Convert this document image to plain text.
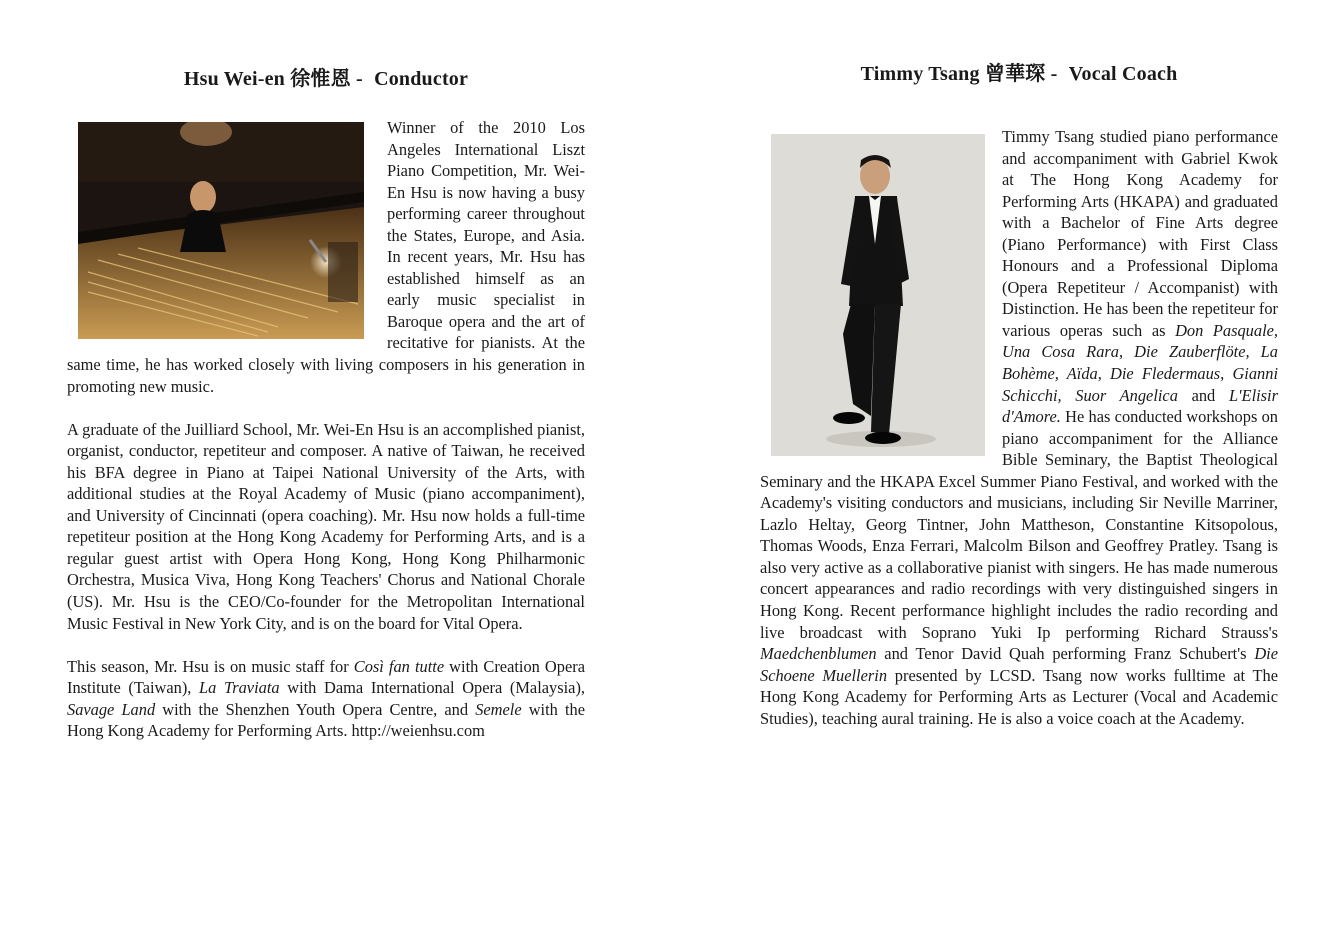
Hsu Wei-en 徐惟恩 - Conductor

Winner of the 2010 Los Angeles International Liszt Piano Competition, Mr. Wei-En Hsu is now having a busy performing career throughout the States, Europe, and Asia. In recent years, Mr. Hsu has established himself as an early music specialist in Baroque opera and the art of recitative for pianists. At the same time, he has worked closely with living composers in his generation in promoting new music.

A graduate of the Juilliard School, Mr. Wei-En Hsu is an accomplished pianist, organist, conductor, repetiteur and composer. A native of Taiwan, he received his BFA degree in Piano at Taipei National University of the Arts, with additional studies at the Royal Academy of Music (piano accompaniment), and University of Cincinnati (opera coaching). Mr. Hsu now holds a full-time repetiteur position at the Hong Kong Academy for Performing Arts, and is a regular guest artist with Opera Hong Kong, Hong Kong Philharmonic Orchestra, Musica Viva, Hong Kong Teachers' Chorus and National Chorale (US). Mr. Hsu is the CEO/Co-founder for the Metropolitan International Music Festival in New York City, and is on the board for Vital Opera.

This season, Mr. Hsu is on music staff for Così fan tutte with Creation Opera Institute (Taiwan), La Traviata with Dama International Opera (Malaysia), Savage Land with the Shenzhen Youth Opera Centre, and Semele with the Hong Kong Academy for Performing Arts. http://weienhsu.com

Timmy Tsang 曾華琛 - Vocal Coach

Timmy Tsang studied piano performance and accompaniment with Gabriel Kwok at The Hong Kong Academy for Performing Arts (HKAPA) and graduated with a Bachelor of Fine Arts degree (Piano Performance) with First Class Honours and a Professional Diploma (Opera Repetiteur / Accompanist) with Distinction. He has been the repetiteur for various operas such as Don Pasquale, Una Cosa Rara, Die Zauberflöte, La Bohème, Aïda, Die Fledermaus, Gianni Schicchi, Suor Angelica and L'Elisir d'Amore. He has conducted workshops on piano accompaniment for the Alliance Bible Seminary, the Baptist Theological Seminary and the HKAPA Excel Summer Piano Festival, and worked with the Academy's visiting conductors and musicians, including Sir Neville Marriner, Lazlo Heltay, Georg Tintner, John Mattheson, Constantine Kitsopolous, Thomas Woods, Enza Ferrari, Malcolm Bilson and Geoffrey Pratley. Tsang is also very active as a collaborative pianist with singers. He has made numerous concert appearances and radio recordings with very distinguished singers in Hong Kong. Recent performance highlight includes the radio recording and live broadcast with Soprano Yuki Ip performing Richard Strauss's Maedchenblumen and Tenor David Quah performing Franz Schubert's Die Schoene Muellerin presented by LCSD. Tsang now works fulltime at The Hong Kong Academy for Performing Arts as Lecturer (Vocal and Academic Studies), teaching aural training. He is also a voice coach at the Academy.
